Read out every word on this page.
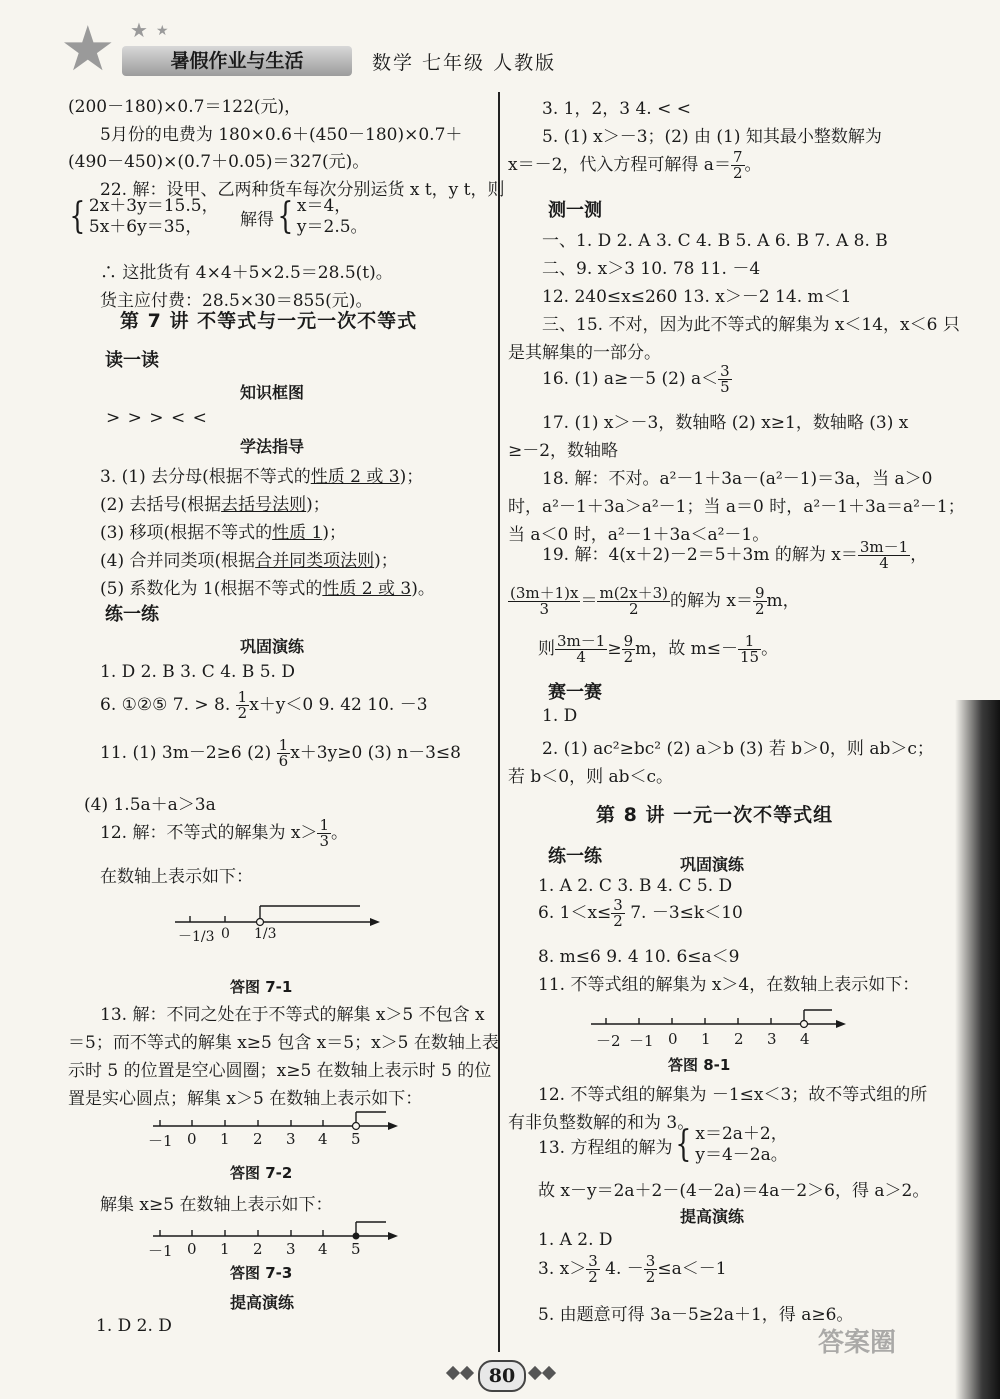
★ ★ ★
暑假作业与生活	数学 七年级 人教版
(200－180)×0.7＝122(元)，
5月份的电费为 180×0.6＋(450－180)×0.7＋
(490－450)×(0.7＋0.05)＝327(元)。
22. 解：设甲、乙两种货车每次分别运货 x t，y t，则
{ 2x＋3y＝15.5，
5x＋6y＝35，	解得{ x＝4，
y＝2.5。
∴ 这批货有 4×4＋5×2.5＝28.5(t)。
货主应付费：28.5×30＝855(元)。
第 7 讲 不等式与一元一次不等式
读一读
知识框图
> > > < <
学法指导
3. (1) 去分母(根据不等式的性质 2 或 3)；
(2) 去括号(根据去括号法则)；
(3) 移项(根据不等式的性质 1)；
(4) 合并同类项(根据合并同类项法则)；
(5) 系数化为 1(根据不等式的性质 2 或 3)。
练一练
巩固演练
1. D 2. B 3. C 4. B 5. D
6. ①②⑤ 7. > 8. $\frac{1}{2} x+y<0$ 9. 42 10. －3
11. (1) 3m－2≥6 $(2) \frac{1}{6} x+3y\ge 0$ (3) n－3≤8
(4) 1.5a＋a＞3a
12. 解：不等式的解集为 $x> \frac{1}{3}$ 。
在数轴上表示如下：
－1/3 0 1/3
答图 7-1
13. 解：不同之处在于不等式的解集 x＞5 不包含 x
＝5；而不等式的解集 x≥5 包含 x＝5；x＞5 在数轴上表
示时 5 的位置是空心圆圈；x≥5 在数轴上表示时 5 的位
置是实心圆点；解集 x＞5 在数轴上表示如下：
－1 0 1 2 3 4 5
答图 7-2
解集 x≥5 在数轴上表示如下：
－1 0 1 2 3 4 5
答图 7-3
提高演练
1. D 2. D
3. 1，2，3 4. < <
5. (1) x＞－3；(2) 由 (1) 知其最小整数解为
x＝－2，代入方程可解得 $a= \frac{7}{2}$ 。
测一测
一、1. D 2. A 3. C 4. B 5. A 6. B 7. A 8. B
二、9. x＞3 10. 78 11. －4
12. 240≤x≤260 13. x＞－2 14. m＜1
三、15. 不对，因为此不等式的解集为 x＜14，x＜6 只
是其解集的一部分。
16. (1) a≥－5 (2) $a< \frac{3}{5}$
17. (1) x＞－3，数轴略 (2) x≥1，数轴略 (3) x
≥－2，数轴略
18. 解：不对。a²－1＋3a－(a²－1)＝3a，当 a＞0
时，a²－1＋3a＞a²－1；当 a＝0 时，a²－1＋3a＝a²－1；
当 a＜0 时，a²－1＋3a＜a²－1。
19. 解：4(x＋2)－2＝5＋3m 的解为 $x= \frac{3m-1}{4}$ ，
$\frac{(3m+1)x}{3} = \frac{m(2x+3)}{2}$ 的解为 $x= \frac{9}{2}$ m，
则 $\frac{3m-1}{4} \ge \frac{9}{2}$ m，故 $m\le- \frac{1}{15}$ 。
赛一赛
1. D
2. (1) ac²≥bc² (2) a＞b (3) 若 b＞0，则 ab＞c；
若 b＜0，则 ab＜c。
第 8 讲 一元一次不等式组
练一练	巩固演练
1. A 2. C 3. B 4. C 5. D
6. $1<x\le \frac{3}{2} 7$. －3≤k＜10
8. m≤6 9. 4 10. 6≤a＜9
11. 不等式组的解集为 x＞4，在数轴上表示如下：
－2 －1 0 1 2 3 4
答图 8-1
12. 不等式组的解集为 －1≤x＜3；故不等式组的所
有非负整数解的和为 3。
13. 方程组的解为{ x＝2a＋2，
y＝4－2a。
故 x－y＝2a＋2－(4－2a)＝4a－2＞6，得 a＞2。
提高演练
1. A 2. D
3. $x> \frac{3}{2} 4$. － $\frac{3}{2} \le a<-1$
5. 由题意可得 3a－5≥2a＋1，得 a≥6。
答案圈
80
